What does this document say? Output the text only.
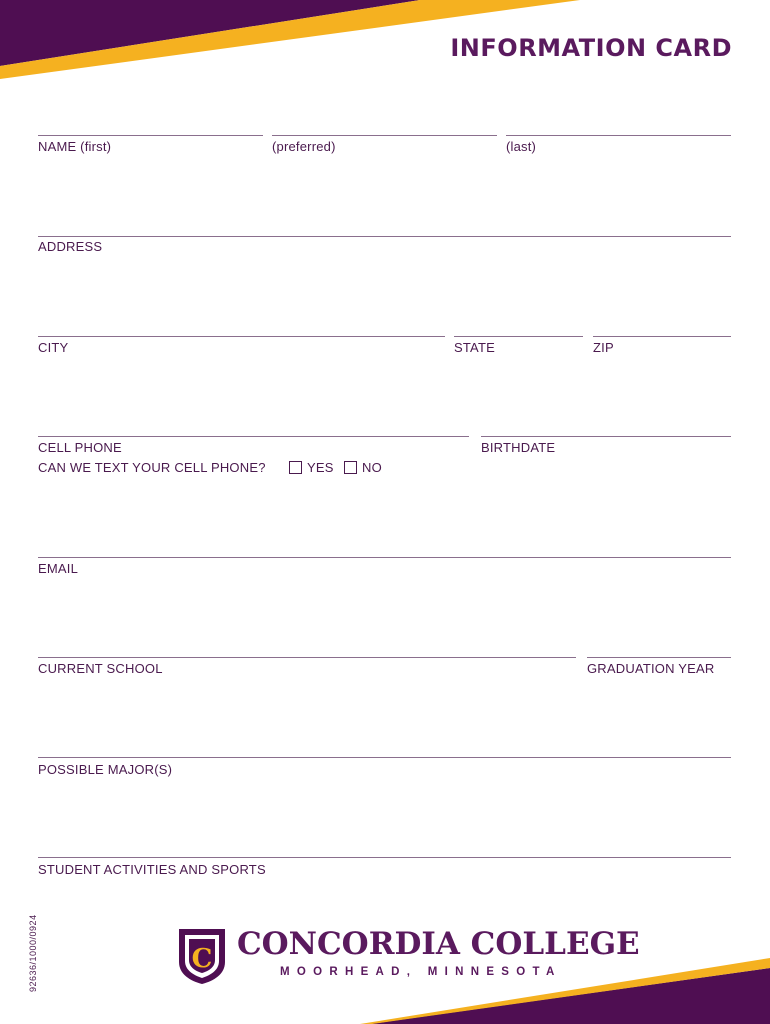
INFORMATION CARD
NAME (first)	(preferred)	(last)
ADDRESS
CITY	STATE	ZIP
CELL PHONE	BIRTHDATE
CAN WE TEXT YOUR CELL PHONE?	YES NO
EMAIL
CURRENT SCHOOL	GRADUATION YEAR
POSSIBLE MAJOR(S)
STUDENT ACTIVITIES AND SPORTS
92636/1000/0924	C CONCORDIA COLLEGE
MOORHEAD, MINNESOTA
